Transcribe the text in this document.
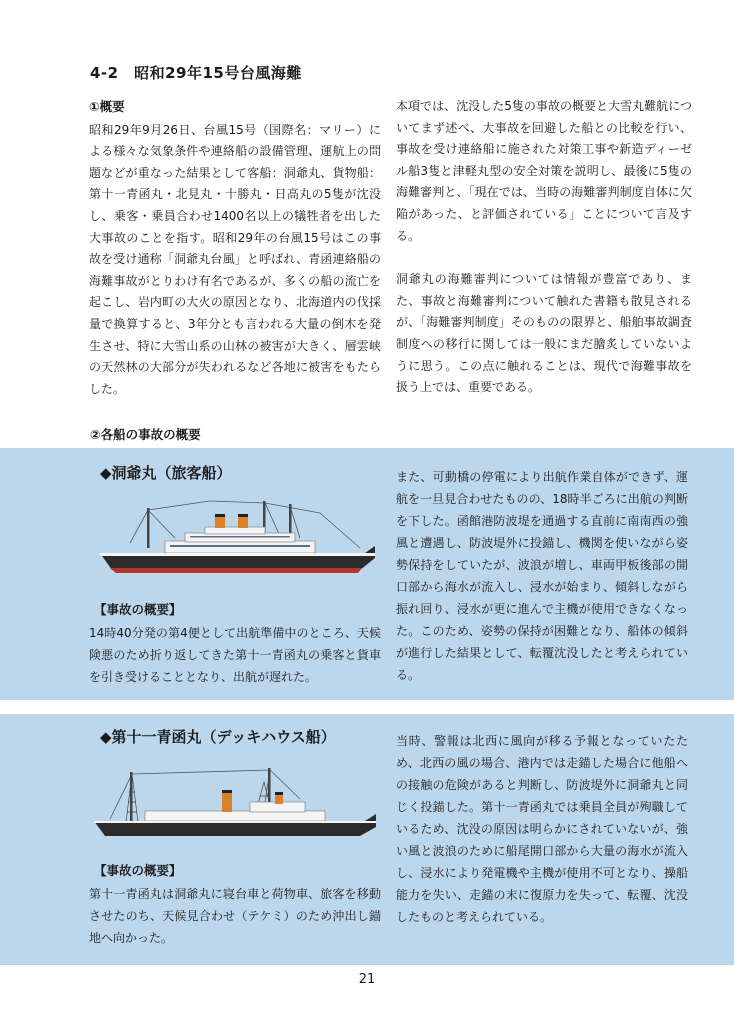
4-2　昭和29年15号台風海難
①概要

昭和29年9月26日、台風15号（国際名：マリー）による様々な気象条件や連絡船の設備管理、運航上の問題などが重なった結果として客船：洞爺丸、貨物船：第十一青函丸・北見丸・十勝丸・日高丸の5隻が沈没し、乗客・乗員合わせ1400名以上の犠牲者を出した大事故のことを指す。昭和29年の台風15号はこの事故を受け通称「洞爺丸台風」と呼ばれ、青函連絡船の海難事故がとりわけ有名であるが、多くの船の流亡を起こし、岩内町の大火の原因となり、北海道内の伐採量で換算すると、3年分とも言われる大量の倒木を発生させ、特に大雪山系の山林の被害が大きく、層雲峡の天然林の大部分が失われるなど各地に被害をもたらした。

本項では、沈没した5隻の事故の概要と大雪丸難航についてまず述べ、大事故を回避した船との比較を行い、事故を受け連絡船に施された対策工事や新造ディーゼル船3隻と津軽丸型の安全対策を説明し、最後に5隻の海難審判と、「現在では、当時の海難審判制度自体に欠陥があった、と評価されている」ことについて言及する。

洞爺丸の海難審判については情報が豊富であり、また、事故と海難審判について触れた書籍も散見されるが、「海難審判制度」そのものの限界と、船舶事故調査制度への移行に関しては一般にまだ膾炙していないように思う。この点に触れることは、現代で海難事故を扱う上では、重要である。

②各船の事故の概要
◆洞爺丸（旅客船）
【事故の概要】
14時40分発の第4便として出航準備中のところ、天候険悪のため折り返してきた第十一青函丸の乗客と貨車を引き受けることとなり、出航が遅れた。
また、可動橋の停電により出航作業自体ができず、運航を一旦見合わせたものの、18時半ごろに出航の判断を下した。函館港防波堤を通過する直前に南南西の強風と遭遇し、防波堤外に投錨し、機関を使いながら姿勢保持をしていたが、波浪が増し、車両甲板後部の開口部から海水が流入し、浸水が始まり、傾斜しながら振れ回り、浸水が更に進んで主機が使用できなくなった。このため、姿勢の保持が困難となり、船体の傾斜が進行した結果として、転覆沈没したと考えられている。
◆第十一青函丸（デッキハウス船）
【事故の概要】
第十一青函丸は洞爺丸に寝台車と荷物車、旅客を移動させたのち、天候見合わせ（テケミ）のため沖出し錨地へ向かった。
当時、警報は北西に風向が移る予報となっていたため、北西の風の場合、港内では走錨した場合に他船への接触の危険があると判断し、防波堤外に洞爺丸と同じく投錨した。第十一青函丸では乗員全員が殉職しているため、沈没の原因は明らかにされていないが、強い風と波浪のために船尾開口部から大量の海水が流入し、浸水により発電機や主機が使用不可となり、操船能力を失い、走錨の末に復原力を失って、転覆、沈没したものと考えられている。
21
